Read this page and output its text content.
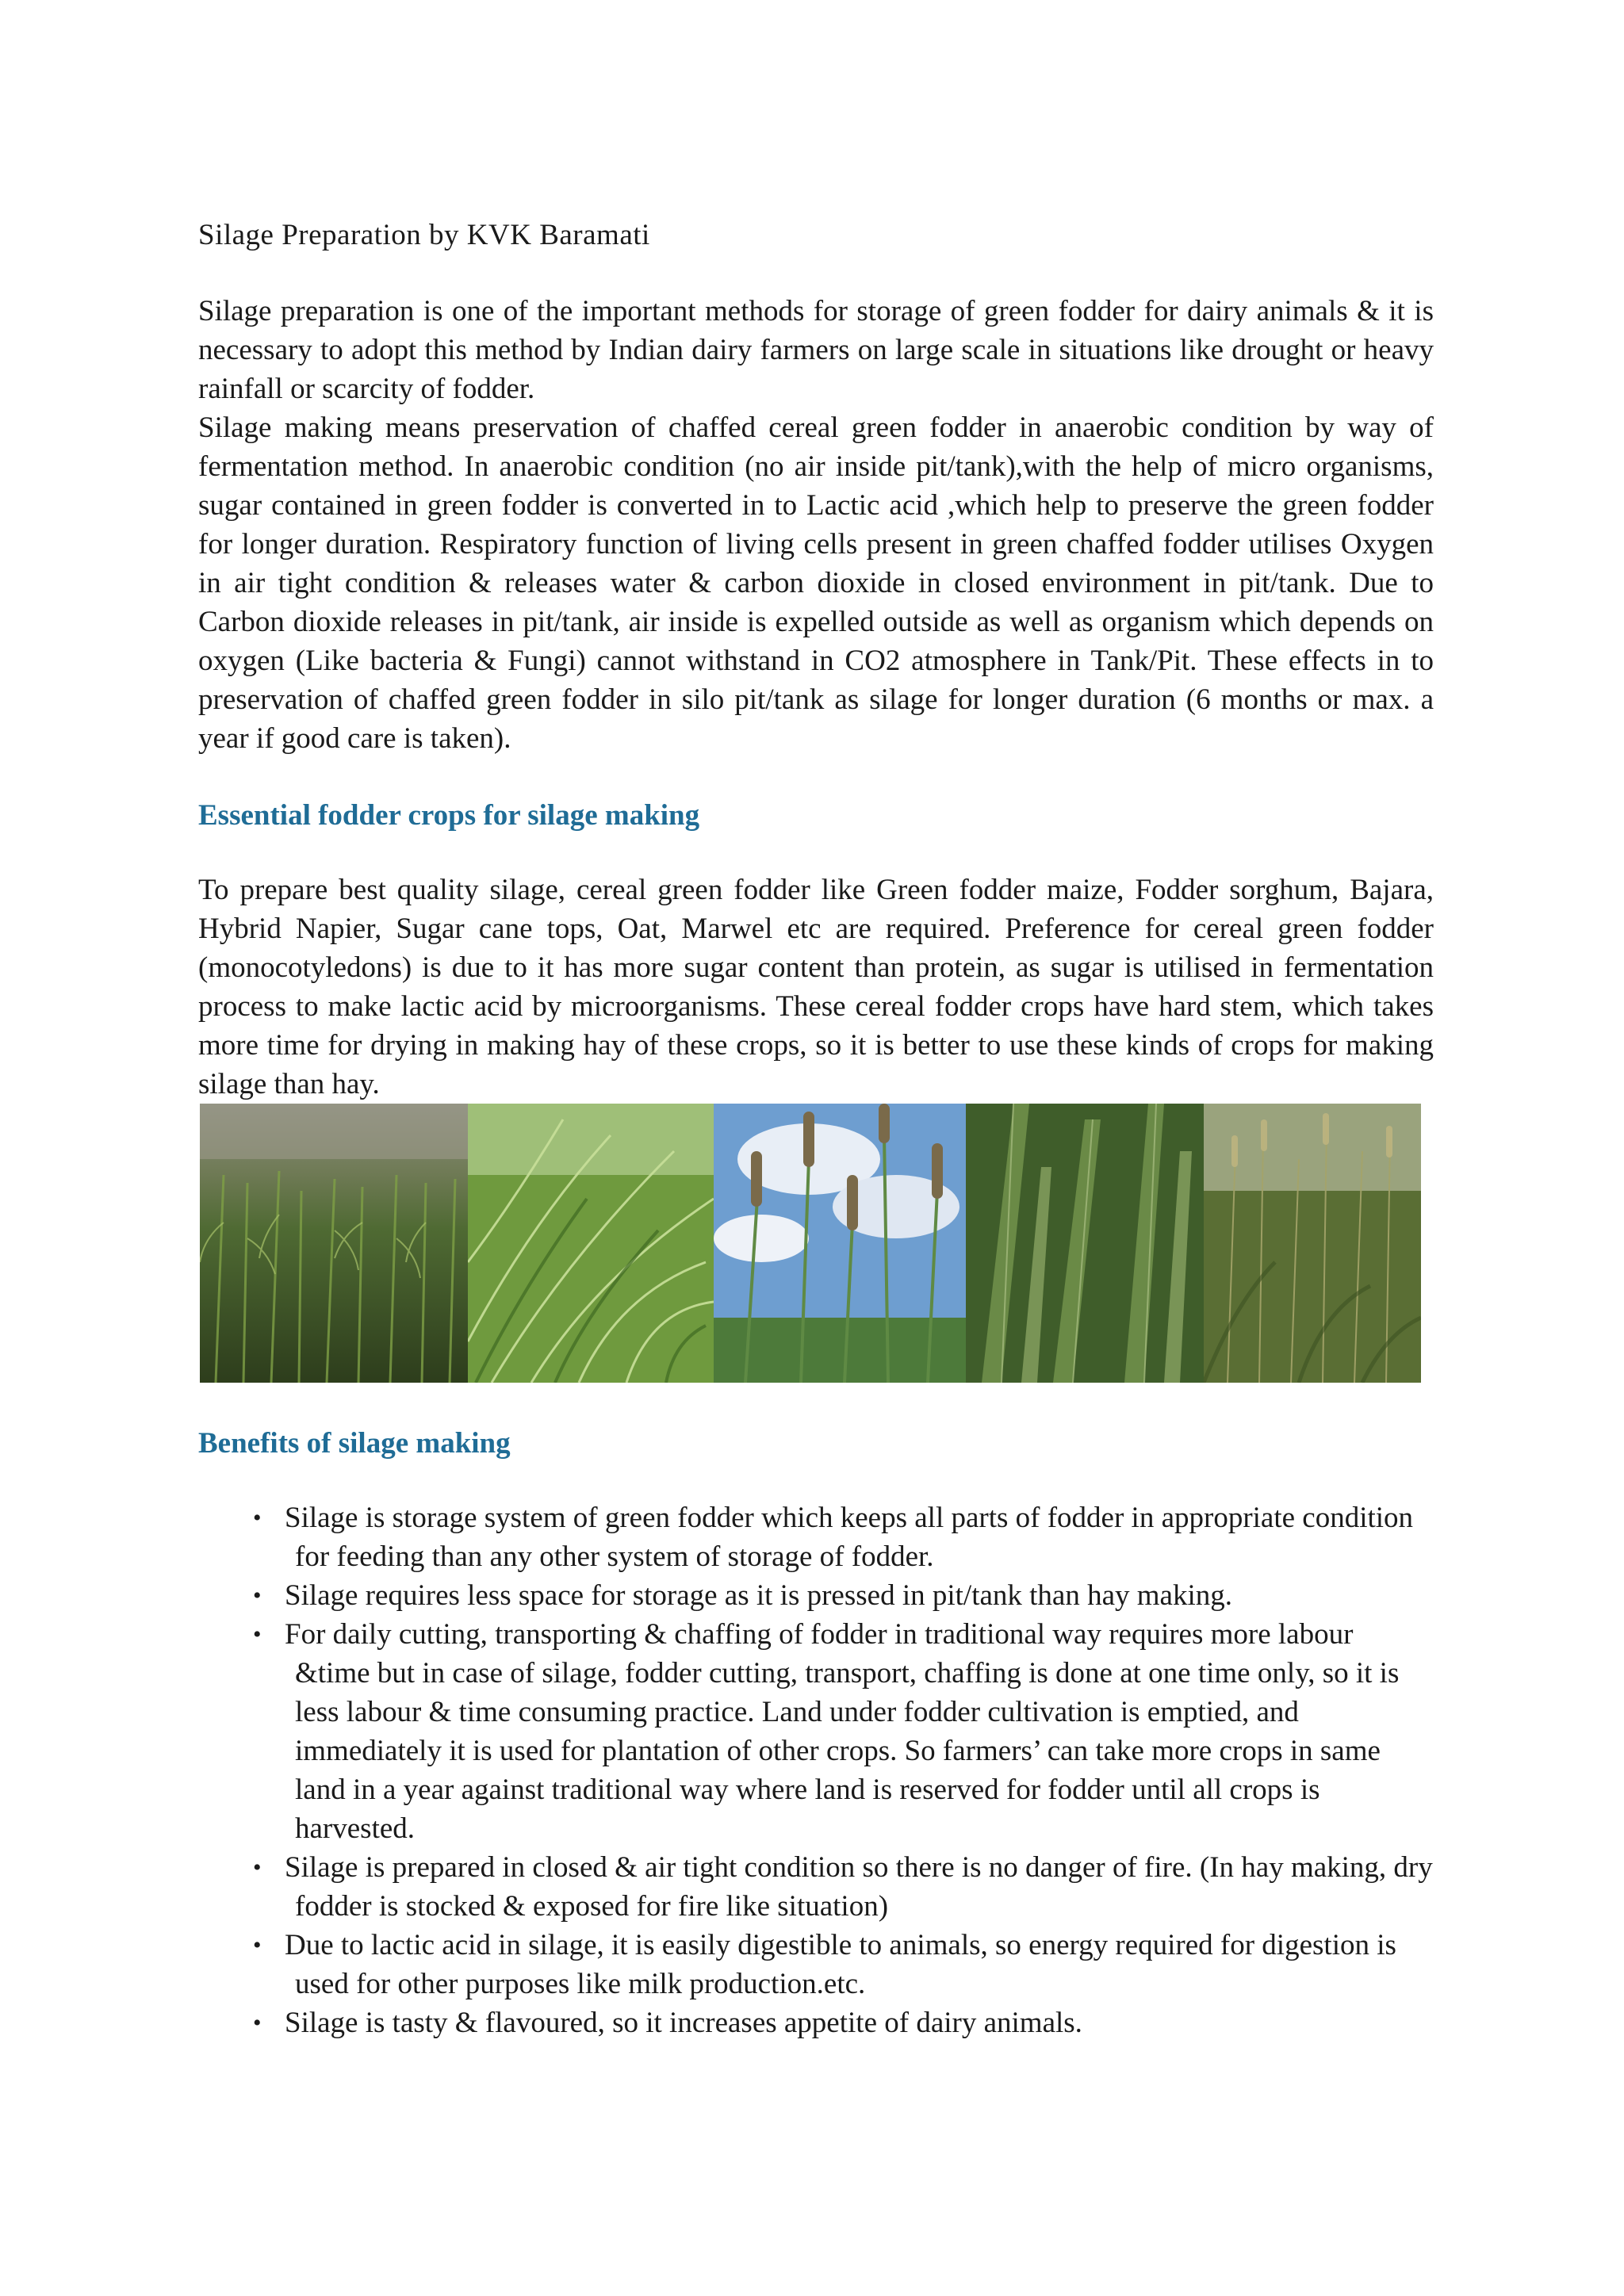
Silage Preparation by KVK Baramati

Silage preparation is one of the important methods for storage of green fodder for dairy animals & it is necessary to adopt this method by Indian dairy farmers on large scale in situations like drought or heavy rainfall or scarcity of fodder.

Silage making means preservation of chaffed cereal green fodder in anaerobic condition by way of fermentation method. In anaerobic condition (no air inside pit/tank),with the help of micro organisms, sugar contained in green fodder is converted in to Lactic acid ,which help to preserve the green fodder for longer duration. Respiratory function of living cells present in green chaffed fodder utilises Oxygen in air tight condition & releases water & carbon dioxide in closed environment in pit/tank. Due to Carbon dioxide releases in pit/tank, air inside is expelled outside as well as organism which depends on oxygen (Like bacteria & Fungi) cannot withstand in CO2 atmosphere in Tank/Pit. These effects in to preservation of chaffed green fodder in silo pit/tank as silage for longer duration (6 months or max. a year if good care is taken).

Essential fodder crops for silage making

To prepare best quality silage, cereal green fodder like Green fodder maize, Fodder sorghum, Bajara, Hybrid Napier, Sugar cane tops, Oat, Marwel etc are required. Preference for cereal green fodder (monocotyledons) is due to it has more sugar content than protein, as sugar is utilised in fermentation process to make lactic acid by microorganisms. These cereal fodder crops have hard stem, which takes more time for drying in making hay of these crops, so it is better to use these kinds of crops for making silage than hay.

Benefits of silage making
• Silage is storage system of green fodder which keeps all parts of fodder in appropriate condition for feeding than any other system of storage of fodder.
• Silage requires less space for storage as it is pressed in pit/tank than hay making.
• For daily cutting, transporting & chaffing of fodder in traditional way requires more labour &time but in case of silage, fodder cutting, transport, chaffing is done at one time only, so it is less labour & time consuming practice. Land under fodder cultivation is emptied, and immediately it is used for plantation of other crops. So farmers’ can take more crops in same land in a year against traditional way where land is reserved for fodder until all crops is harvested.
• Silage is prepared in closed & air tight condition so there is no danger of fire. (In hay making, dry fodder is stocked & exposed for fire like situation)
• Due to lactic acid in silage, it is easily digestible to animals, so energy required for digestion is used for other purposes like milk production.etc.
• Silage is tasty & flavoured, so it increases appetite of dairy animals.
